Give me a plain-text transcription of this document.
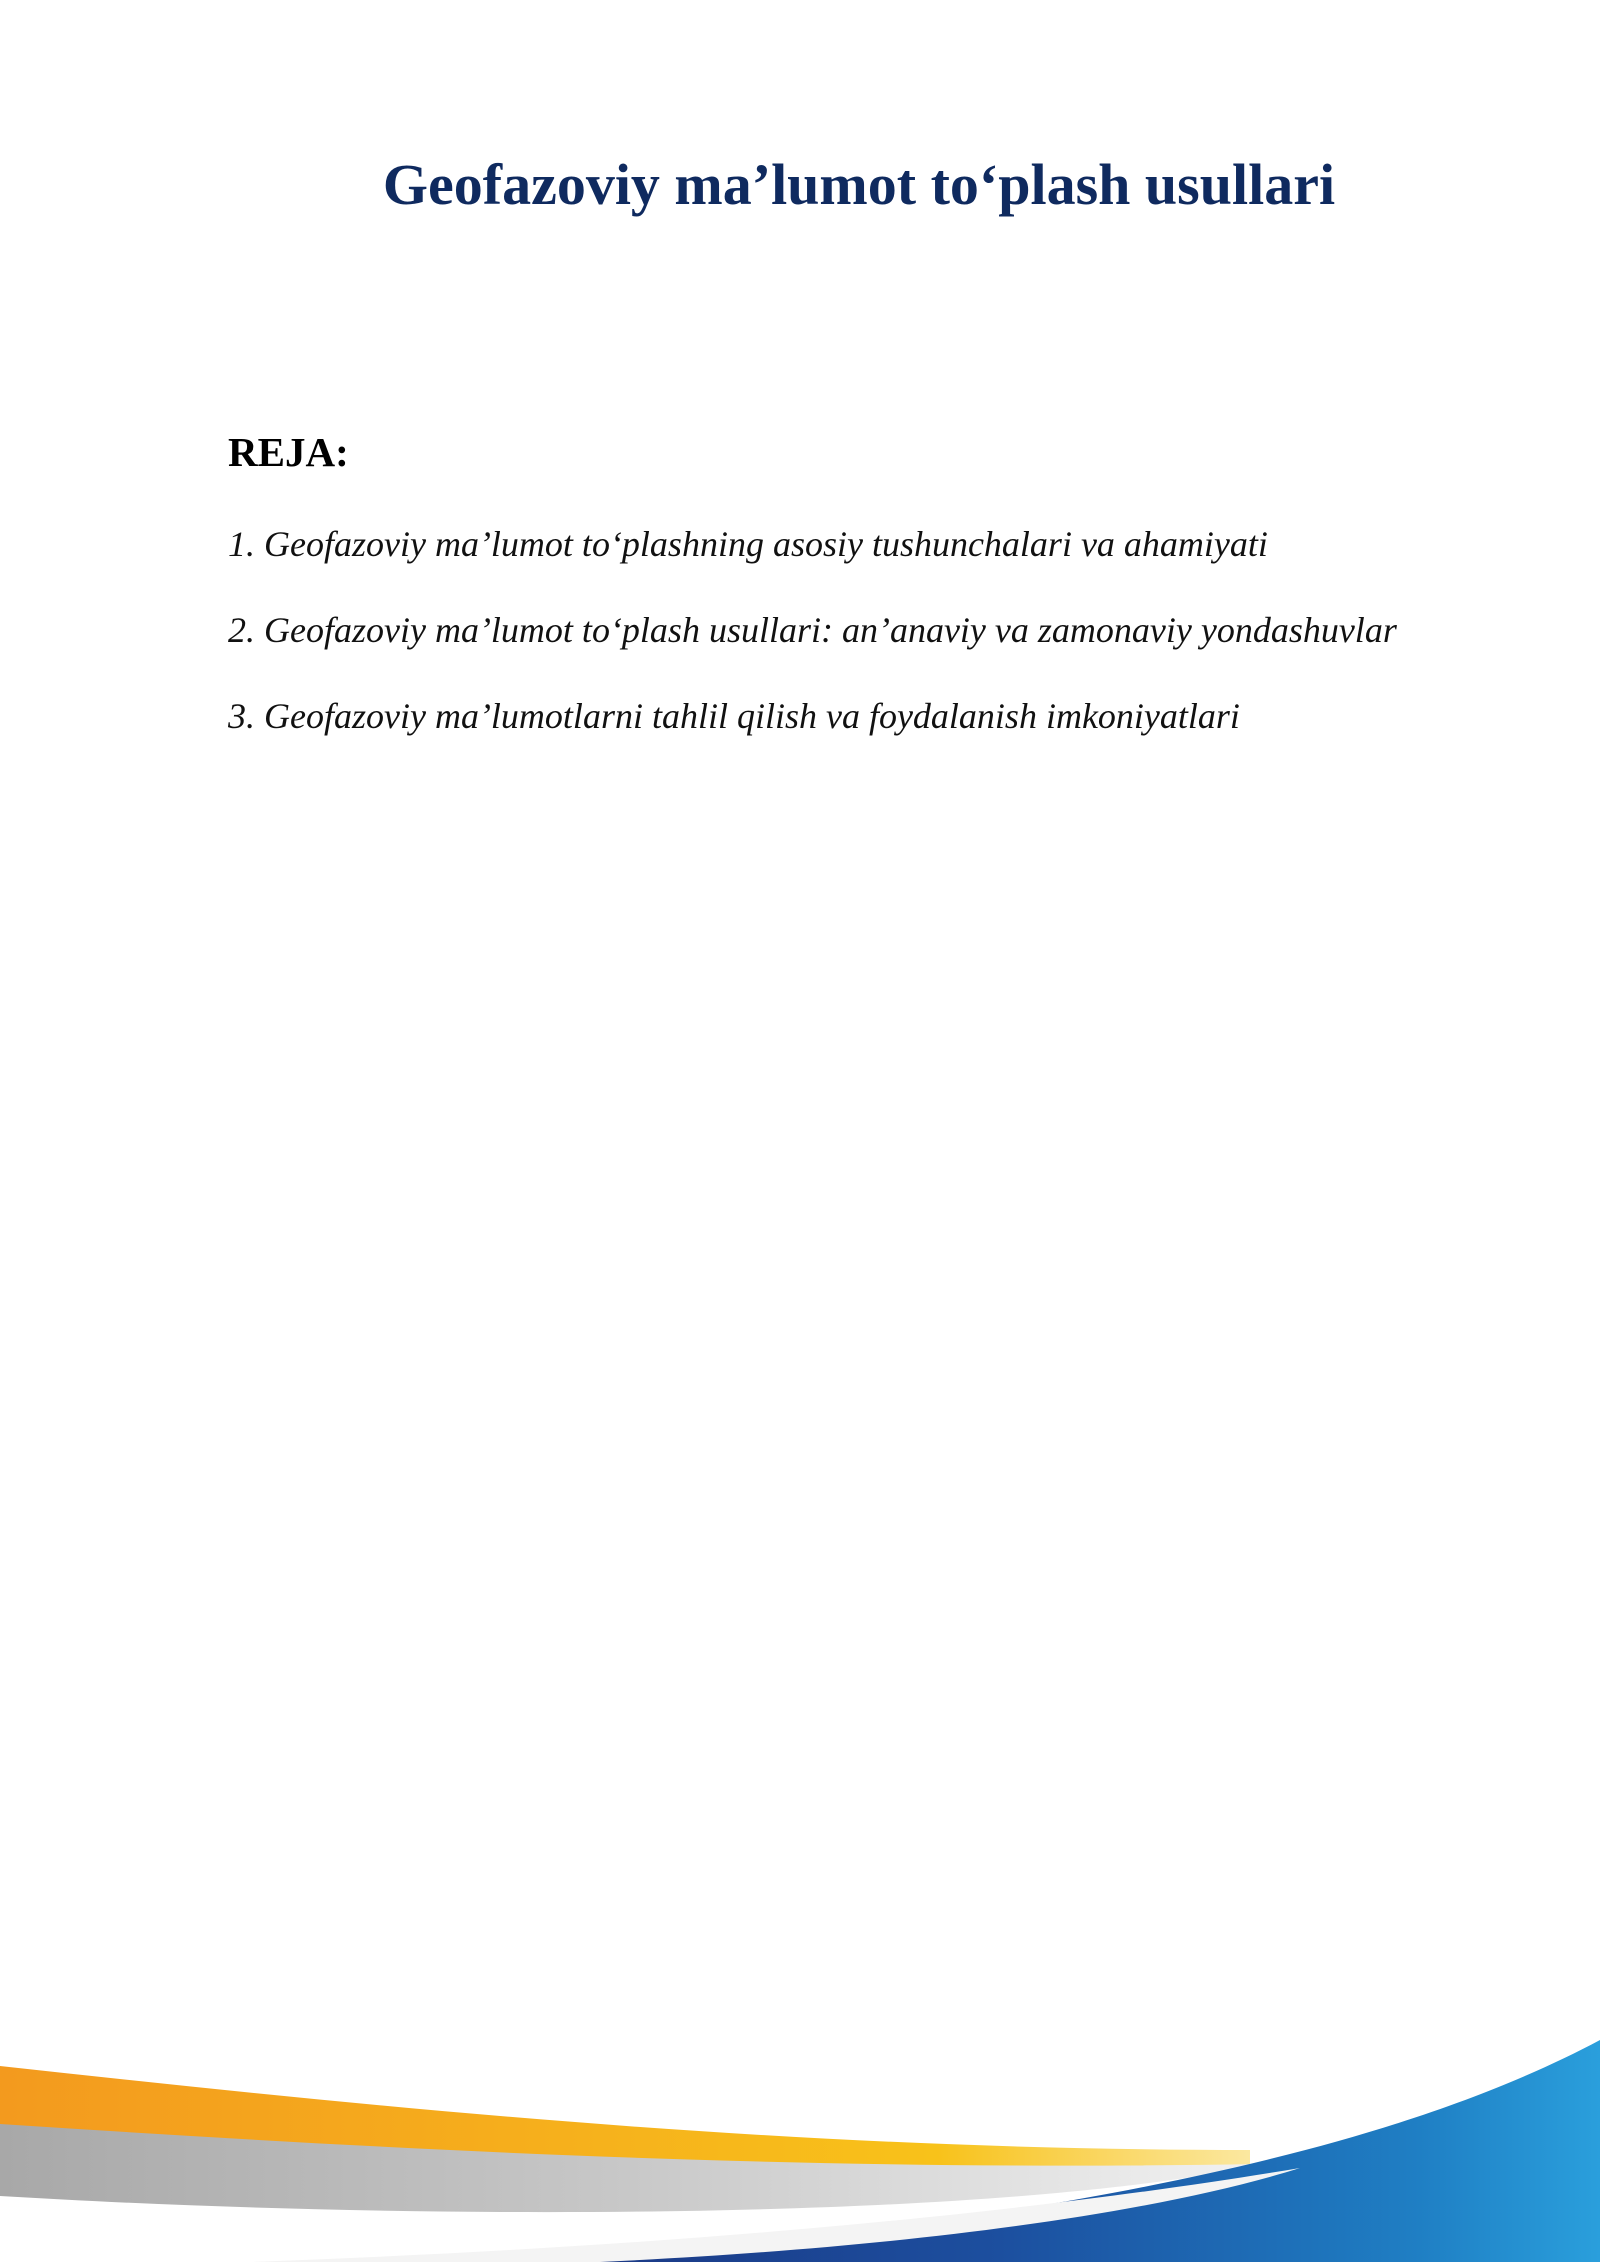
Geofazoviy ma’lumot to‘plash usullari
REJA:
1. Geofazoviy ma’lumot to‘plashning asosiy tushunchalari va ahamiyati
2. Geofazoviy ma’lumot to‘plash usullari: an’anaviy va zamonaviy yondashuvlar
3. Geofazoviy ma’lumotlarni tahlil qilish va foydalanish imkoniyatlari
